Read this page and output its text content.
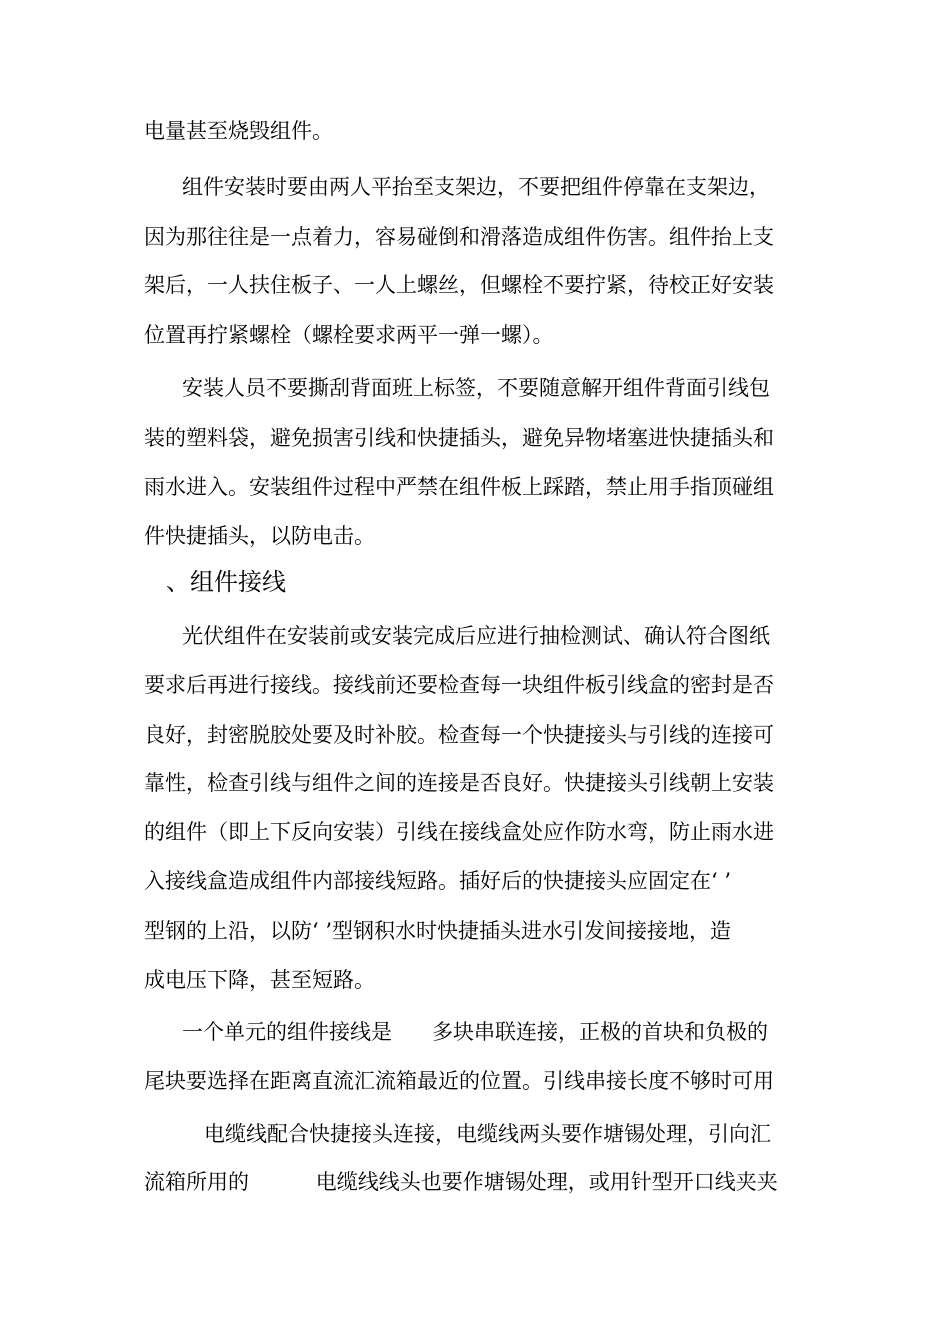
电量甚至烧毁组件。
组件安装时要由两人平抬至支架边，不要把组件停靠在支架边，
因为那往往是一点着力，容易碰倒和滑落造成组件伤害。组件抬上支
架后，一人扶住板子、一人上螺丝，但螺栓不要拧紧，待校正好安装
位置再拧紧螺栓（螺栓要求两平一弹一螺）。
安装人员不要撕刮背面班上标签，不要随意解开组件背面引线包
装的塑料袋，避免损害引线和快捷插头，避免异物堵塞进快捷插头和
雨水进入。安装组件过程中严禁在组件板上踩踏，禁止用手指顶碰组
件快捷插头，以防电击。
、组件接线
光伏组件在安装前或安装完成后应进行抽检测试、确认符合图纸
要求后再进行接线。接线前还要检查每一块组件板引线盒的密封是否
良好，封密脱胶处要及时补胶。检查每一个快捷接头与引线的连接可
靠性，检查引线与组件之间的连接是否良好。快捷接头引线朝上安装
的组件（即上下反向安装）引线在接线盒处应作防水弯，防止雨水进
入接线盒造成组件内部接线短路。插好后的快捷接头应固定在‘ ’
型钢的上沿，以防‘ ’型钢积水时快捷插头进水引发间接接地，造
成电压下降，甚至短路。
一个单元的组件接线是      多块串联连接，正极的首块和负极的
尾块要选择在距离直流汇流箱最近的位置。引线串接长度不够时可用
电缆线配合快捷接头连接，电缆线两头要作塘锡处理，引向汇
流箱所用的          电缆线线头也要作塘锡处理，或用针型开口线夹夹
